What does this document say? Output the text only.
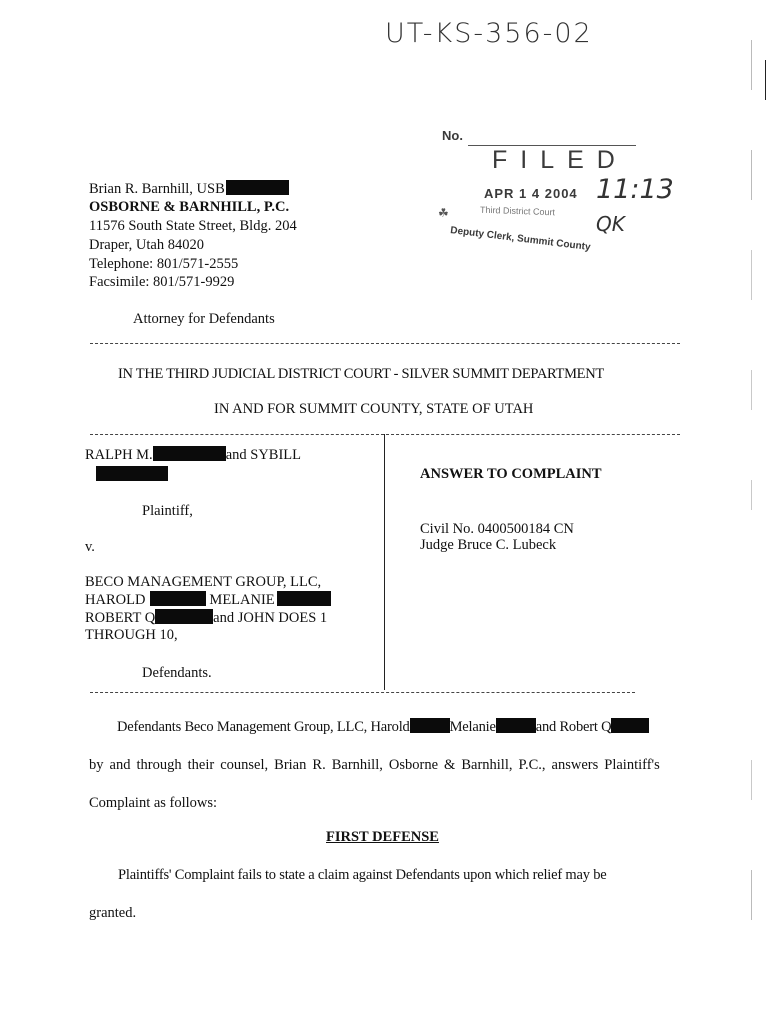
UT-KS-356-02
No.
FILED
APR 1 4 2004 11:13
Third District Court
QK
Deputy Clerk, Summit County
☘
Brian R. Barnhill, USB
OSBORNE & BARNHILL, P.C.
11576 South State Street, Bldg. 204
Draper, Utah 84020
Telephone: 801/571-2555
Facsimile: 801/571-9929
Attorney for Defendants
IN THE THIRD JUDICIAL DISTRICT COURT - SILVER SUMMIT DEPARTMENT
IN AND FOR SUMMIT COUNTY, STATE OF UTAH
RALPH M.	and SYBILL
Plaintiff,
v.
BECO MANAGEMENT GROUP, LLC,
HAROLD	MELANIE
ROBERT Q	and JOHN DOES 1
THROUGH 10,
Defendants.
ANSWER TO COMPLAINT
Civil No. 0400500184 CN
Judge Bruce C. Lubeck
Defendants Beco Management Group, LLC, Harold	Melanie	and Robert Q
by and through their counsel, Brian R. Barnhill, Osborne & Barnhill, P.C., answers Plaintiff's
Complaint as follows:
FIRST DEFENSE
Plaintiffs' Complaint fails to state a claim against Defendants upon which relief may be
granted.
